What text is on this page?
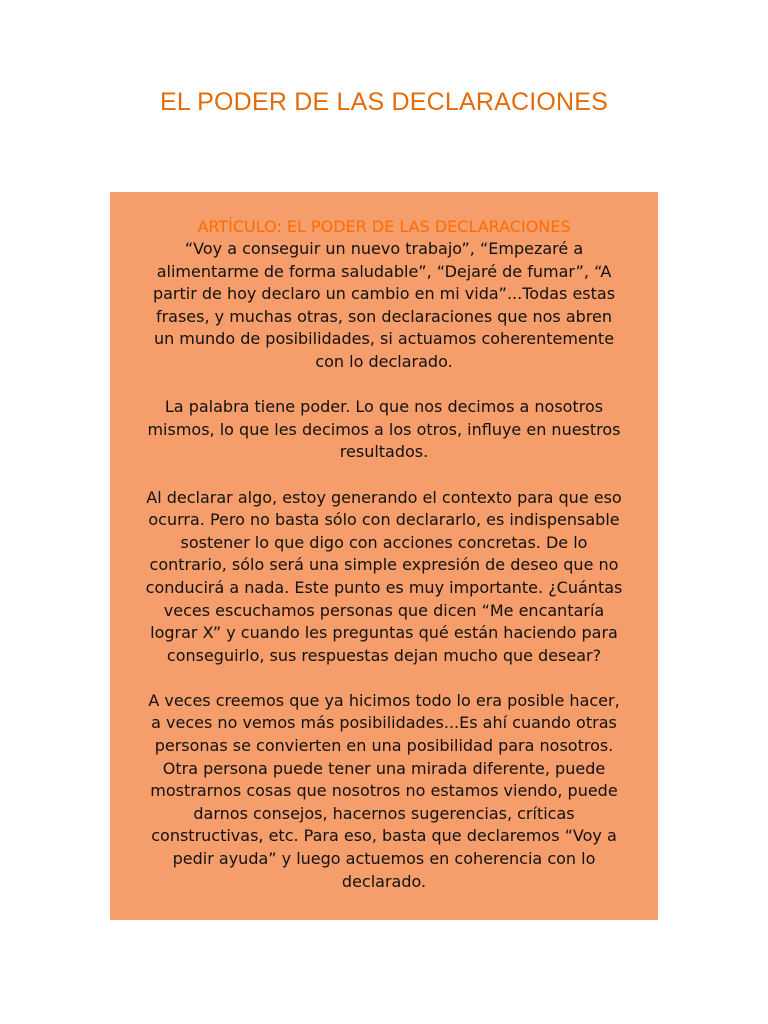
EL PODER DE LAS DECLARACIONES
ARTÍCULO: EL PODER DE LAS DECLARACIONES

“Voy a conseguir un nuevo trabajo”, “Empezaré a
alimentarme de forma saludable”, “Dejaré de fumar”, “A
partir de hoy declaro un cambio en mi vida”...Todas estas
frases, y muchas otras, son declaraciones que nos abren
un mundo de posibilidades, si actuamos coherentemente
con lo declarado.

La palabra tiene poder. Lo que nos decimos a nosotros
mismos, lo que les decimos a los otros, influye en nuestros
resultados.

Al declarar algo, estoy generando el contexto para que eso
ocurra. Pero no basta sólo con declararlo, es indispensable
sostener lo que digo con acciones concretas. De lo
contrario, sólo será una simple expresión de deseo que no
conducirá a nada. Este punto es muy importante. ¿Cuántas
veces escuchamos personas que dicen “Me encantaría
lograr X” y cuando les preguntas qué están haciendo para
conseguirlo, sus respuestas dejan mucho que desear?

A veces creemos que ya hicimos todo lo era posible hacer,
a veces no vemos más posibilidades...Es ahí cuando otras
personas se convierten en una posibilidad para nosotros.
Otra persona puede tener una mirada diferente, puede
mostrarnos cosas que nosotros no estamos viendo, puede
darnos consejos, hacernos sugerencias, críticas
constructivas, etc. Para eso, basta que declaremos “Voy a
pedir ayuda” y luego actuemos en coherencia con lo
declarado.
